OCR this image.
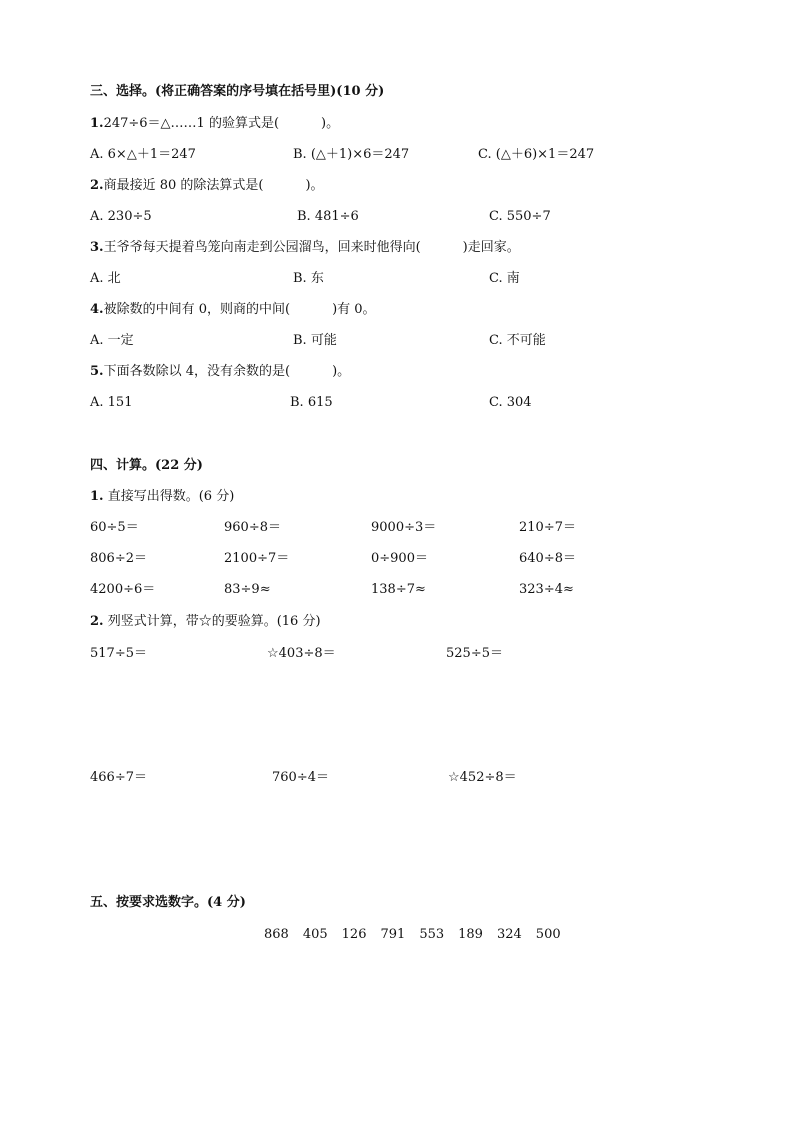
三、选择。(将正确答案的序号填在括号里)(10 分)
1.247÷6＝△……1 的验算式是(	)。
A. 6×△＋1＝247	B. (△＋1)×6＝247	C. (△＋6)×1＝247
2.商最接近 80 的除法算式是(	)。
A. 230÷5	B. 481÷6	C. 550÷7
3.王爷爷每天提着鸟笼向南走到公园溜鸟，回来时他得向(	)走回家。
A. 北	B. 东	C. 南
4.被除数的中间有 0，则商的中间(	)有 0。
A. 一定	B. 可能	C. 不可能
5.下面各数除以 4，没有余数的是(	)。
A. 151	B. 615	C. 304
四、计算。(22 分)
1. 直接写出得数。(6 分)
60÷5＝	960÷8＝	9000÷3＝	210÷7＝
806÷2＝	2100÷7＝	0÷900＝	640÷8＝
4200÷6＝	83÷9≈	138÷7≈	323÷4≈
2. 列竖式计算，带☆的要验算。(16 分)
517÷5＝	☆403÷8＝	525÷5＝
466÷7＝	760÷4＝	☆452÷8＝
五、按要求选数字。(4 分)
868 405 126 791 553 189 324 500
